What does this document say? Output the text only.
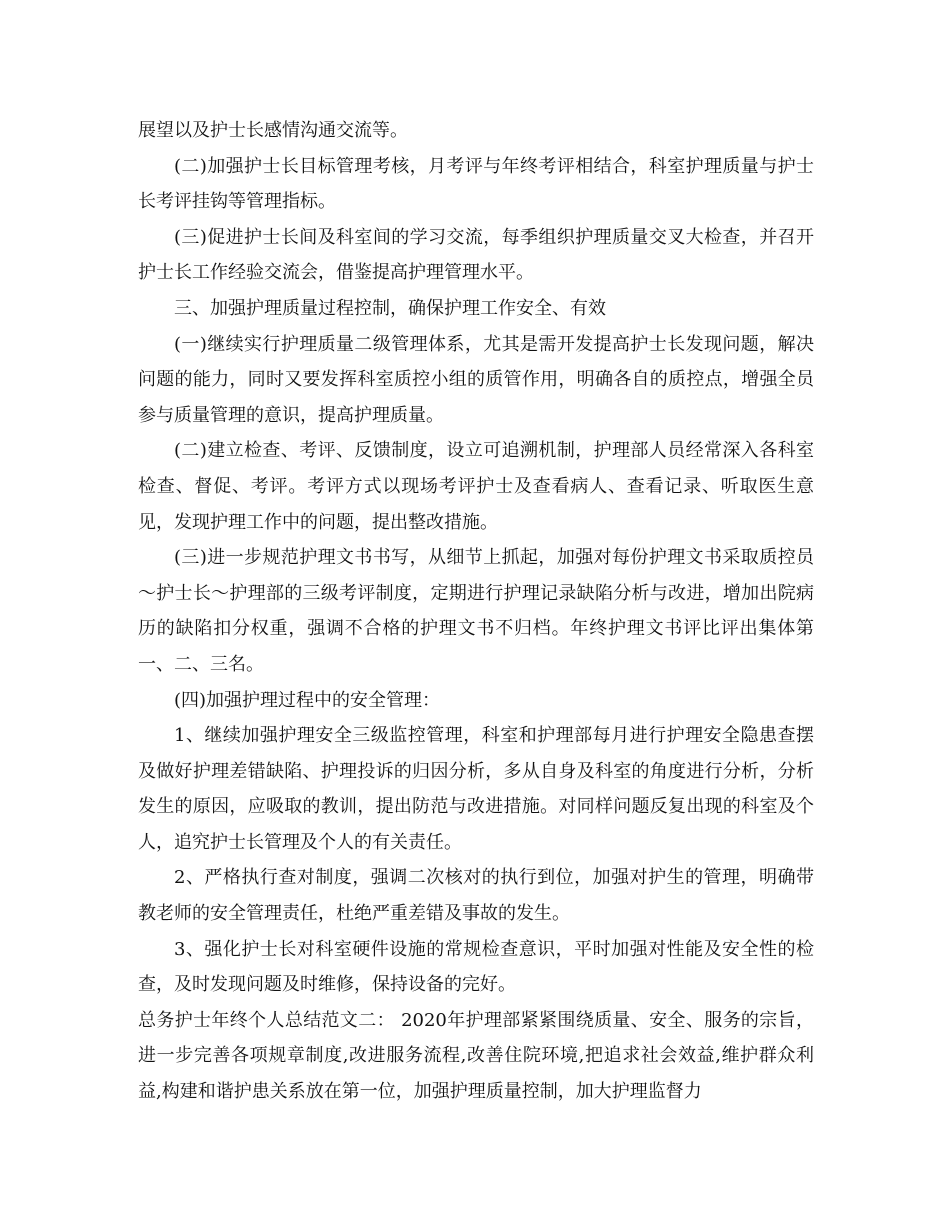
展望以及护士长感情沟通交流等。

(二)加强护士长目标管理考核，月考评与年终考评相结合，科室护理质量与护士长考评挂钩等管理指标。

(三)促进护士长间及科室间的学习交流，每季组织护理质量交叉大检查，并召开护士长工作经验交流会，借鉴提高护理管理水平。

三、加强护理质量过程控制，确保护理工作安全、有效

(一)继续实行护理质量二级管理体系，尤其是需开发提高护士长发现问题，解决问题的能力，同时又要发挥科室质控小组的质管作用，明确各自的质控点，增强全员参与质量管理的意识，提高护理质量。

(二)建立检查、考评、反馈制度，设立可追溯机制，护理部人员经常深入各科室检查、督促、考评。考评方式以现场考评护士及查看病人、查看记录、听取医生意见，发现护理工作中的问题，提出整改措施。

(三)进一步规范护理文书书写，从细节上抓起，加强对每份护理文书采取质控员～护士长～护理部的三级考评制度，定期进行护理记录缺陷分析与改进，增加出院病历的缺陷扣分权重，强调不合格的护理文书不归档。年终护理文书评比评出集体第一、二、三名。

(四)加强护理过程中的安全管理：

1、继续加强护理安全三级监控管理，科室和护理部每月进行护理安全隐患查摆及做好护理差错缺陷、护理投诉的归因分析，多从自身及科室的角度进行分析，分析发生的原因，应吸取的教训，提出防范与改进措施。对同样问题反复出现的科室及个人，追究护士长管理及个人的有关责任。

2、严格执行查对制度，强调二次核对的执行到位，加强对护生的管理，明确带教老师的安全管理责任，杜绝严重差错及事故的发生。

3、强化护士长对科室硬件设施的常规检查意识，平时加强对性能及安全性的检查，及时发现问题及时维修，保持设备的完好。

总务护士年终个人总结范文二： 2020年护理部紧紧围绕质量、安全、服务的宗旨，进一步完善各项规章制度,改进服务流程,改善住院环境,把追求社会效益,维护群众利益,构建和谐护患关系放在第一位，加强护理质量控制，加大护理监督力
